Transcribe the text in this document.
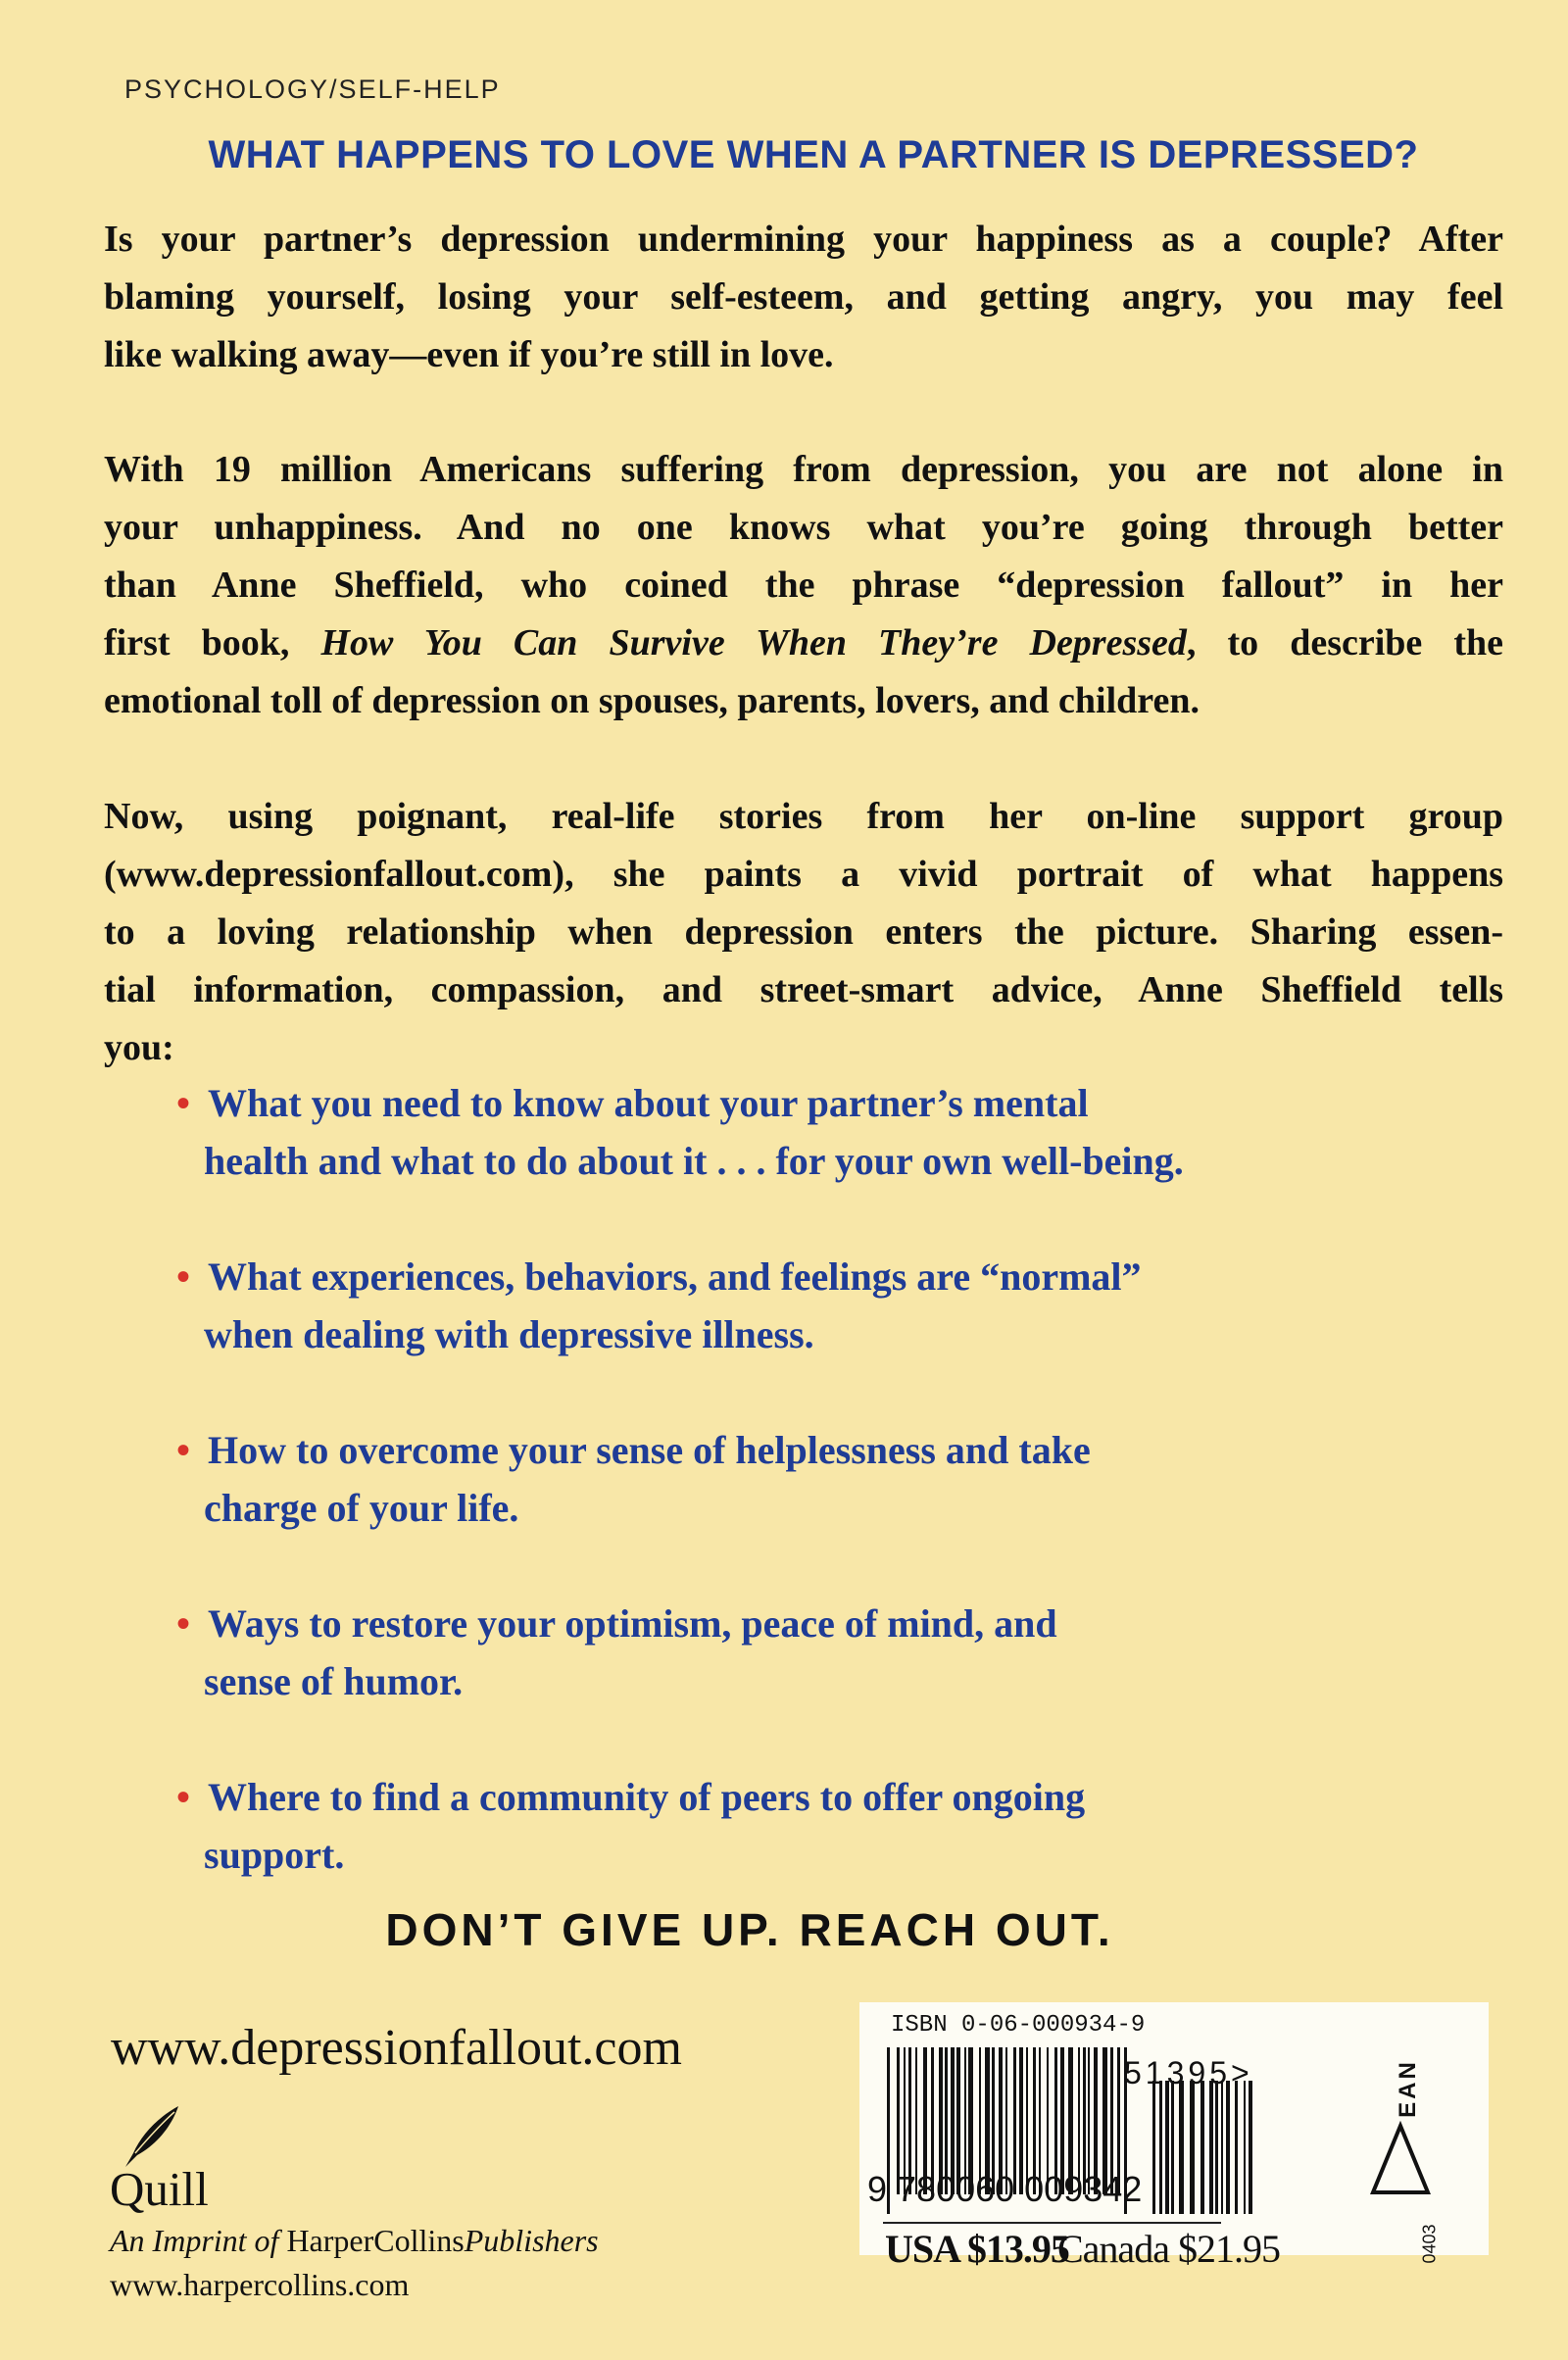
PSYCHOLOGY/SELF-HELP
WHAT HAPPENS TO LOVE WHEN A PARTNER IS DEPRESSED?
Is your partner’s depression undermining your happiness as a couple? After
blaming yourself, losing your self-esteem, and getting angry, you may feel
like walking away—even if you’re still in love.
With 19 million Americans suffering from depression, you are not alone in
your unhappiness. And no one knows what you’re going through better
than Anne Sheffield, who coined the phrase “depression fallout” in her
first book, How You Can Survive When They’re Depressed, to describe the
emotional toll of depression on spouses, parents, lovers, and children.
Now, using poignant, real-life stories from her on-line support group
(www.depressionfallout.com), she paints a vivid portrait of what happens
to a loving relationship when depression enters the picture. Sharing essen-
tial information, compassion, and street-smart advice, Anne Sheffield tells
you:
• What you need to know about your partner’s mental
health and what to do about it . . . for your own well-being.
• What experiences, behaviors, and feelings are “normal”
when dealing with depressive illness.
• How to overcome your sense of helplessness and take
charge of your life.
• Ways to restore your optimism, peace of mind, and
sense of humor.
• Where to find a community of peers to offer ongoing
support.
DON’T GIVE UP. REACH OUT.
www.depressionfallout.com
Quill
An Imprint of HarperCollinsPublishers
www.harpercollins.com
ISBN 0-06-000934-9
9 780060 009342
51395>	EAN
USA $13.95
Canada $21.95	0403
